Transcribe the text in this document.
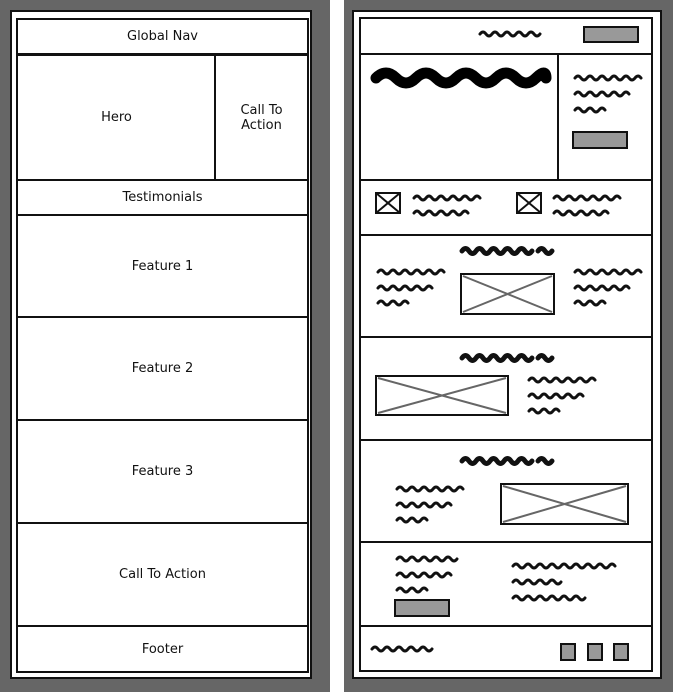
Global Nav
Hero	Call To Action
Testimonials
Feature 1
Feature 2
Feature 3
Call To Action
Footer
